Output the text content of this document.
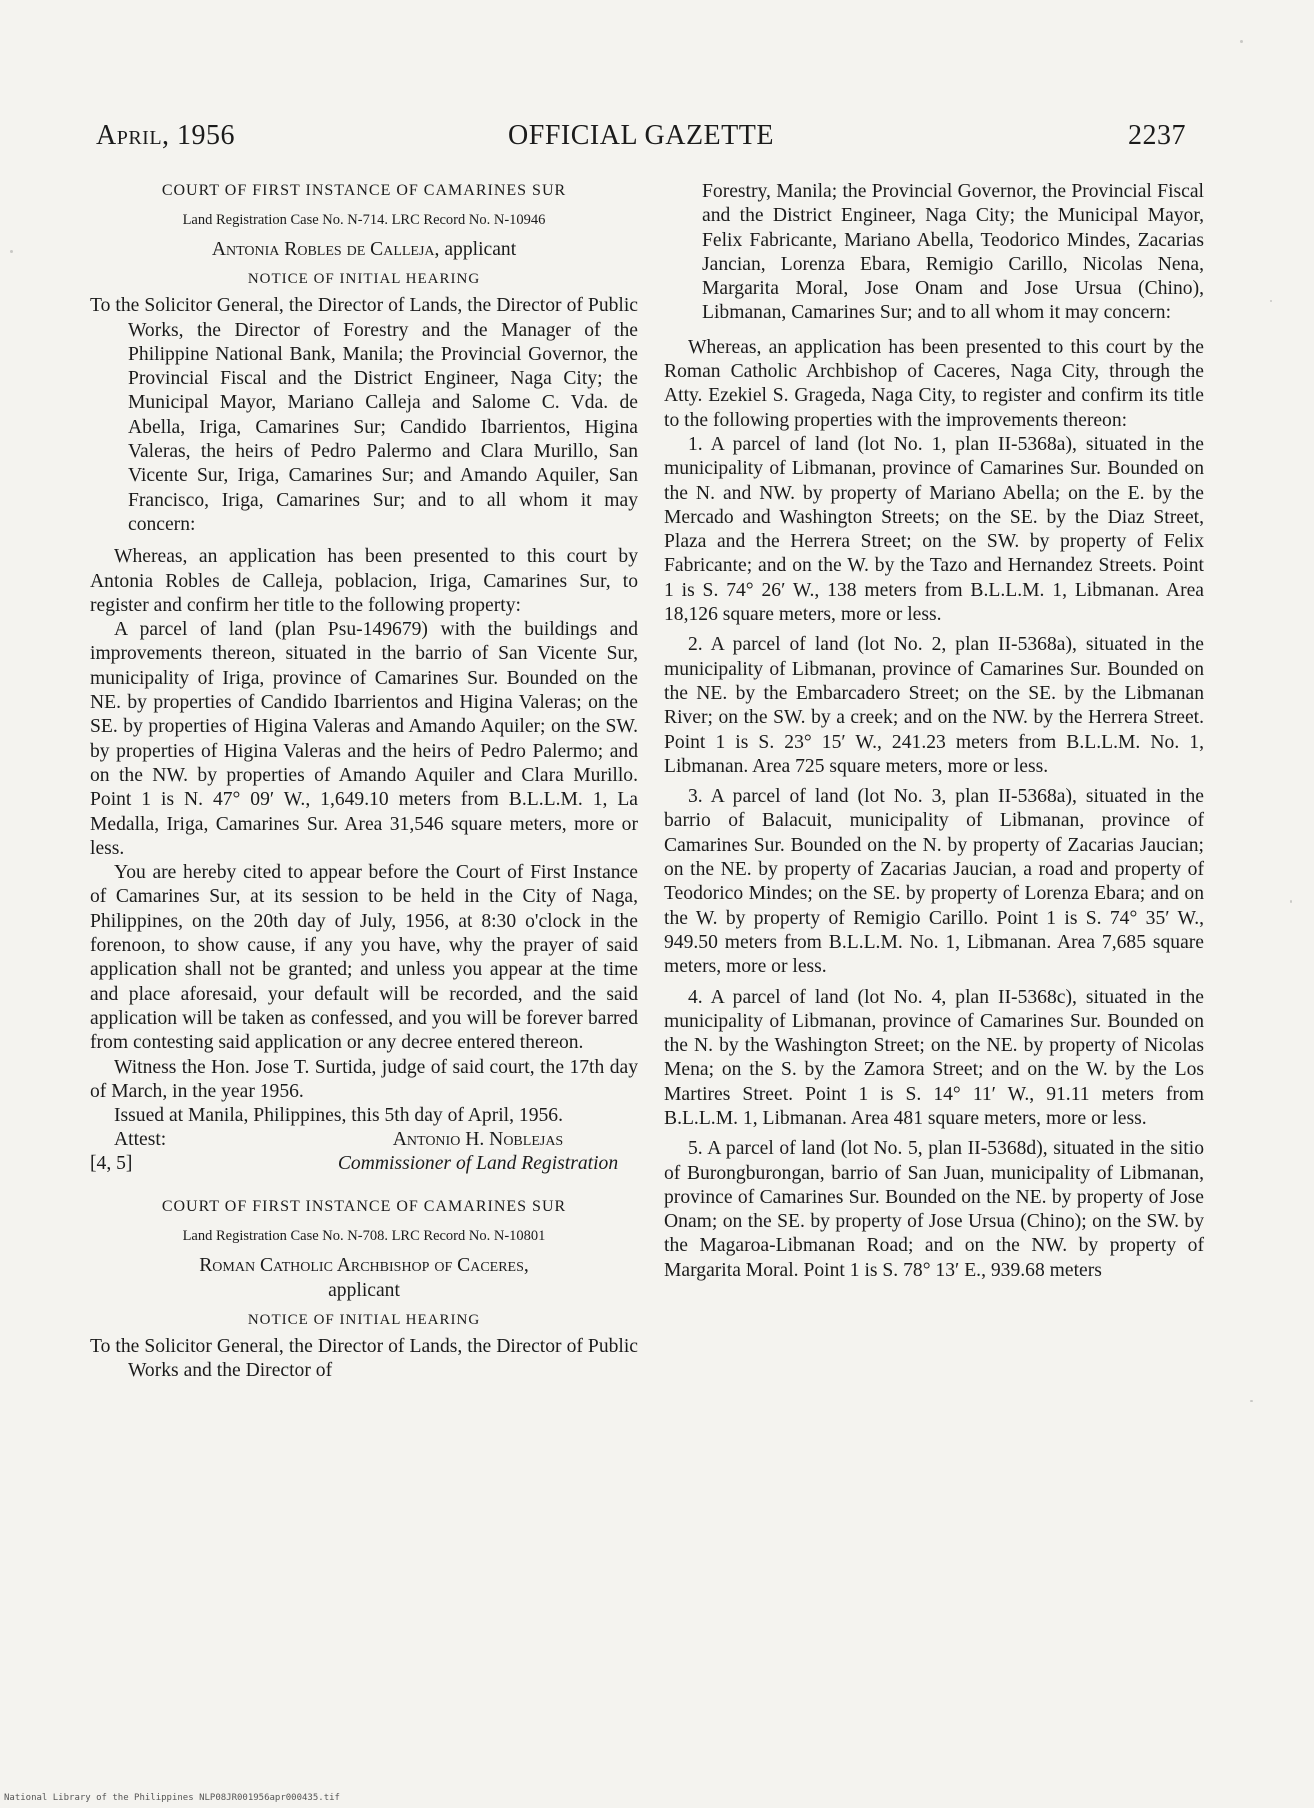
April, 1956	OFFICIAL GAZETTE	2237
COURT OF FIRST INSTANCE OF CAMARINES SUR
Land Registration Case No. N-714. LRC Record No. N-10946
Antonia Robles de Calleja, applicant
NOTICE OF INITIAL HEARING

To the Solicitor General, the Director of Lands, the Director of Public Works, the Director of Forestry and the Manager of the Philippine National Bank, Manila; the Provincial Governor, the Provincial Fiscal and the District Engineer, Naga City; the Municipal Mayor, Mariano Calleja and Salome C. Vda. de Abella, Iriga, Camarines Sur; Candido Ibarrientos, Higina Valeras, the heirs of Pedro Palermo and Clara Murillo, San Vicente Sur, Iriga, Camarines Sur; and Amando Aquiler, San Francisco, Iriga, Camarines Sur; and to all whom it may concern:

Whereas, an application has been presented to this court by Antonia Robles de Calleja, poblacion, Iriga, Camarines Sur, to register and confirm her title to the following property:

A parcel of land (plan Psu-149679) with the buildings and improvements thereon, situated in the barrio of San Vicente Sur, municipality of Iriga, province of Camarines Sur. Bounded on the NE. by properties of Candido Ibarrientos and Higina Valeras; on the SE. by properties of Higina Valeras and Amando Aquiler; on the SW. by properties of Higina Valeras and the heirs of Pedro Palermo; and on the NW. by properties of Amando Aquiler and Clara Murillo. Point 1 is N. 47° 09′ W., 1,649.10 meters from B.L.L.M. 1, La Medalla, Iriga, Camarines Sur. Area 31,546 square meters, more or less.

You are hereby cited to appear before the Court of First Instance of Camarines Sur, at its session to be held in the City of Naga, Philippines, on the 20th day of July, 1956, at 8:30 o'clock in the forenoon, to show cause, if any you have, why the prayer of said application shall not be granted; and unless you appear at the time and place aforesaid, your default will be recorded, and the said application will be taken as confessed, and you will be forever barred from contesting said application or any decree entered thereon.

Witness the Hon. Jose T. Surtida, judge of said court, the 17th day of March, in the year 1956.

Issued at Manila, Philippines, this 5th day of April, 1956.

Attest:	Antonio H. Noblejas
[4, 5]	Commissioner of Land Registration
COURT OF FIRST INSTANCE OF CAMARINES SUR
Land Registration Case No. N-708. LRC Record No. N-10801
Roman Catholic Archbishop of Caceres,
applicant
NOTICE OF INITIAL HEARING

To the Solicitor General, the Director of Lands, the Director of Public Works and the Director of

Forestry, Manila; the Provincial Governor, the Provincial Fiscal and the District Engineer, Naga City; the Municipal Mayor, Felix Fabricante, Mariano Abella, Teodorico Mindes, Zacarias Jancian, Lorenza Ebara, Remigio Carillo, Nicolas Nena, Margarita Moral, Jose Onam and Jose Ursua (Chino), Libmanan, Camarines Sur; and to all whom it may concern:

Whereas, an application has been presented to this court by the Roman Catholic Archbishop of Caceres, Naga City, through the Atty. Ezekiel S. Grageda, Naga City, to register and confirm its title to the following properties with the improvements thereon:

1. A parcel of land (lot No. 1, plan II-5368a), situated in the municipality of Libmanan, province of Camarines Sur. Bounded on the N. and NW. by property of Mariano Abella; on the E. by the Mercado and Washington Streets; on the SE. by the Diaz Street, Plaza and the Herrera Street; on the SW. by property of Felix Fabricante; and on the W. by the Tazo and Hernandez Streets. Point 1 is S. 74° 26′ W., 138 meters from B.L.L.M. 1, Libmanan. Area 18,126 square meters, more or less.

2. A parcel of land (lot No. 2, plan II-5368a), situated in the municipality of Libmanan, province of Camarines Sur. Bounded on the NE. by the Embarcadero Street; on the SE. by the Libmanan River; on the SW. by a creek; and on the NW. by the Herrera Street. Point 1 is S. 23° 15′ W., 241.23 meters from B.L.L.M. No. 1, Libmanan. Area 725 square meters, more or less.

3. A parcel of land (lot No. 3, plan II-5368a), situated in the barrio of Balacuit, municipality of Libmanan, province of Camarines Sur. Bounded on the N. by property of Zacarias Jaucian; on the NE. by property of Zacarias Jaucian, a road and property of Teodorico Mindes; on the SE. by property of Lorenza Ebara; and on the W. by property of Remigio Carillo. Point 1 is S. 74° 35′ W., 949.50 meters from B.L.L.M. No. 1, Libmanan. Area 7,685 square meters, more or less.

4. A parcel of land (lot No. 4, plan II-5368c), situated in the municipality of Libmanan, province of Camarines Sur. Bounded on the N. by the Washington Street; on the NE. by property of Nicolas Mena; on the S. by the Zamora Street; and on the W. by the Los Martires Street. Point 1 is S. 14° 11′ W., 91.11 meters from B.L.L.M. 1, Libmanan. Area 481 square meters, more or less.

5. A parcel of land (lot No. 5, plan II-5368d), situated in the sitio of Burongburongan, barrio of San Juan, municipality of Libmanan, province of Camarines Sur. Bounded on the NE. by property of Jose Onam; on the SE. by property of Jose Ursua (Chino); on the SW. by the Magaroa-Libmanan Road; and on the NW. by property of Margarita Moral. Point 1 is S. 78° 13′ E., 939.68 meters

National Library of the Philippines NLP08JR001956apr000435.tif
